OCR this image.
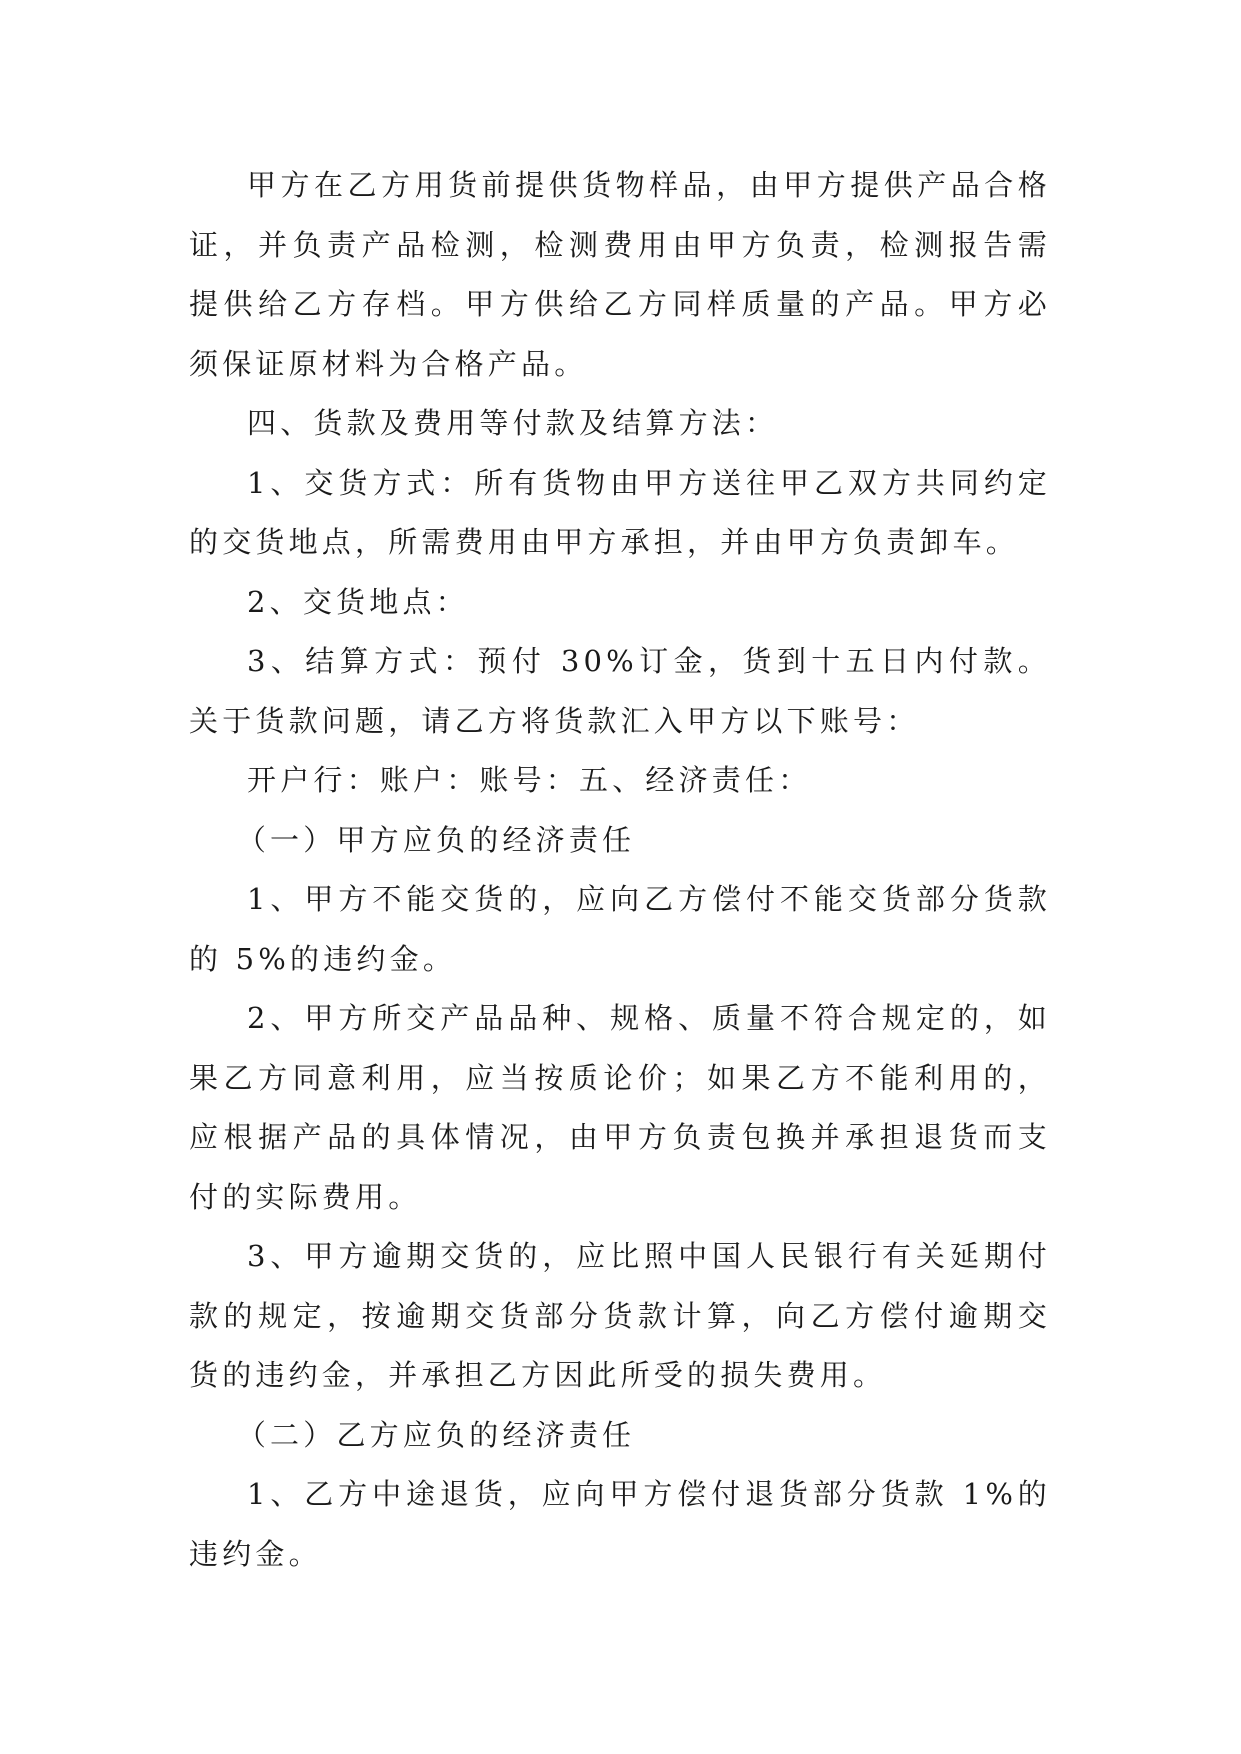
甲方在乙方用货前提供货物样品，由甲方提供产品合格证，并负责产品检测，检测费用由甲方负责，检测报告需提供给乙方存档。甲方供给乙方同样质量的产品。甲方必须保证原材料为合格产品。

四、货款及费用等付款及结算方法：

1、交货方式：所有货物由甲方送往甲乙双方共同约定的交货地点，所需费用由甲方承担，并由甲方负责卸车。

2、交货地点：

3、结算方式：预付 30%订金，货到十五日内付款。关于货款问题，请乙方将货款汇入甲方以下账号：

开户行：账户：账号：五、经济责任：

（一）甲方应负的经济责任

1、甲方不能交货的，应向乙方偿付不能交货部分货款的 5%的违约金。

2、甲方所交产品品种、规格、质量不符合规定的，如果乙方同意利用，应当按质论价；如果乙方不能利用的，应根据产品的具体情况，由甲方负责包换并承担退货而支付的实际费用。

3、甲方逾期交货的，应比照中国人民银行有关延期付款的规定，按逾期交货部分货款计算，向乙方偿付逾期交货的违约金，并承担乙方因此所受的损失费用。

（二）乙方应负的经济责任

1、乙方中途退货，应向甲方偿付退货部分货款 1%的违约金。
